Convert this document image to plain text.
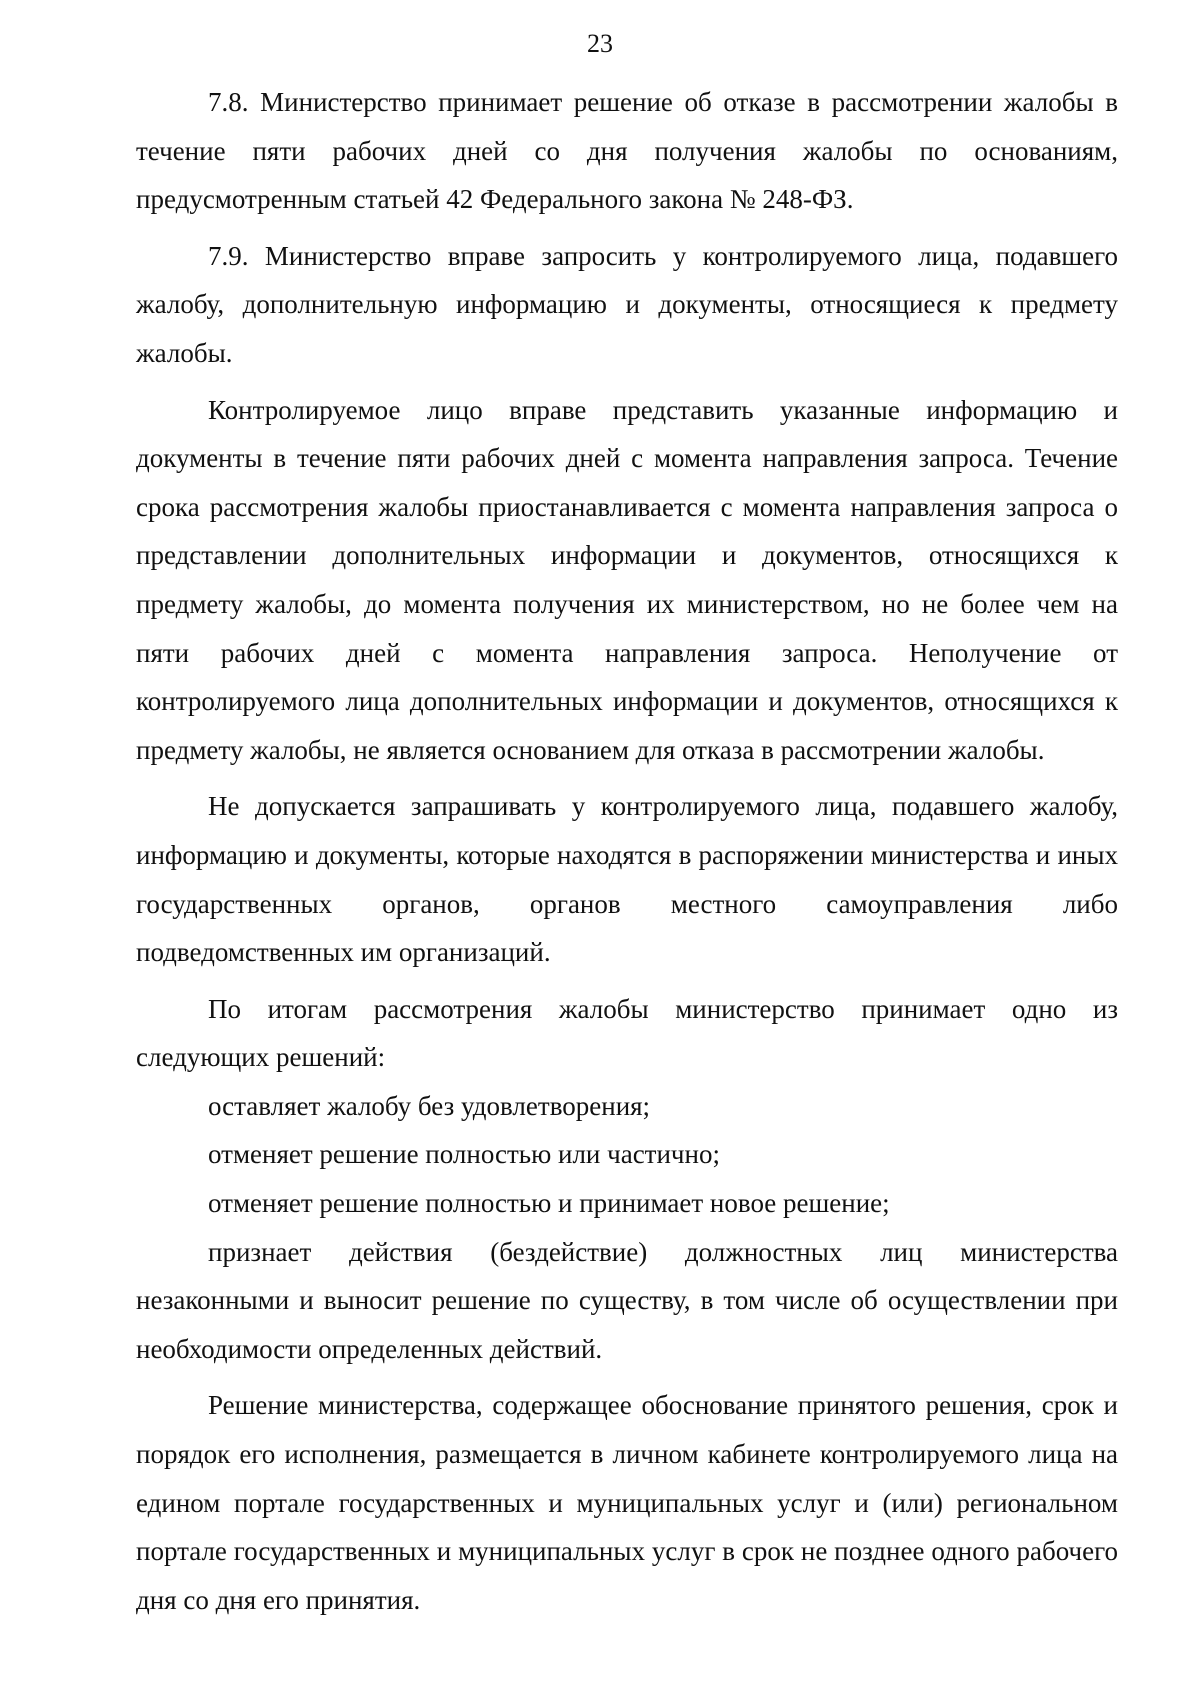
23

7.8. Министерство принимает решение об отказе в рассмотрении жалобы в течение пяти рабочих дней со дня получения жалобы по основаниям, предусмотренным статьей 42 Федерального закона № 248-ФЗ.

7.9. Министерство вправе запросить у контролируемого лица, подавшего жалобу, дополнительную информацию и документы, относящиеся к предмету жалобы.

Контролируемое лицо вправе представить указанные информацию и документы в течение пяти рабочих дней с момента направления запроса. Течение срока рассмотрения жалобы приостанавливается с момента направления запроса о представлении дополнительных информации и документов, относящихся к предмету жалобы, до момента получения их министерством, но не более чем на пяти рабочих дней с момента направления запроса. Неполучение от контролируемого лица дополнительных информации и документов, относящихся к предмету жалобы, не является основанием для отказа в рассмотрении жалобы.

Не допускается запрашивать у контролируемого лица, подавшего жалобу, информацию и документы, которые находятся в распоряжении министерства и иных государственных органов, органов местного самоуправления либо подведомственных им организаций.

По итогам рассмотрения жалобы министерство принимает одно из следующих решений:

оставляет жалобу без удовлетворения;

отменяет решение полностью или частично;

отменяет решение полностью и принимает новое решение;

признает действия (бездействие) должностных лиц министерства незаконными и выносит решение по существу, в том числе об осуществлении при необходимости определенных действий.

Решение министерства, содержащее обоснование принятого решения, срок и порядок его исполнения, размещается в личном кабинете контролируемого лица на едином портале государственных и муниципальных услуг и (или) региональном портале государственных и муниципальных услуг в срок не позднее одного рабочего дня со дня его принятия.
